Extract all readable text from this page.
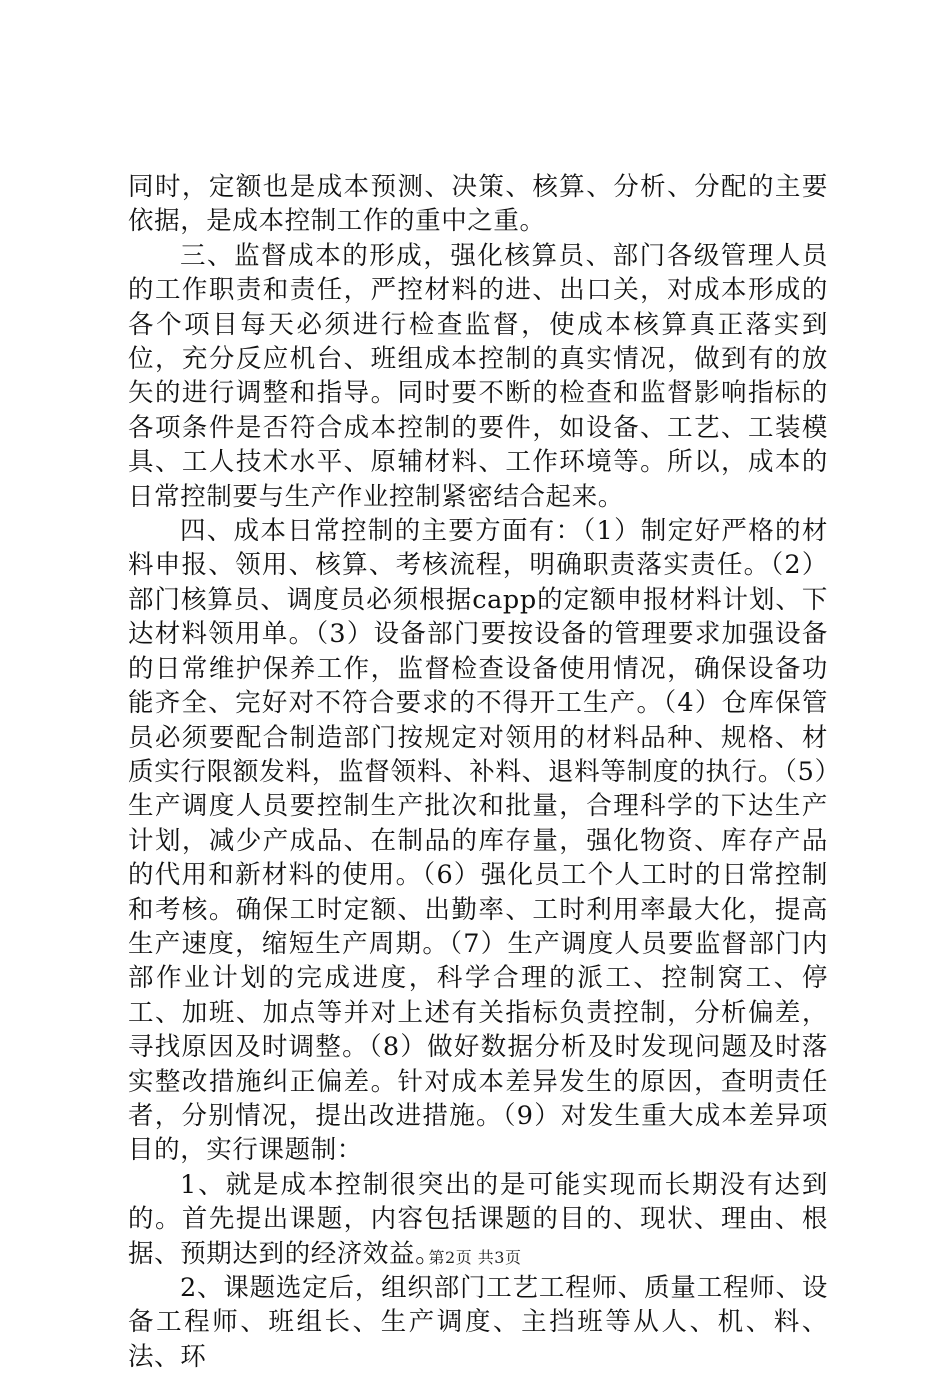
同时，定额也是成本预测、决策、核算、分析、分配的主要依据，是成本控制工作的重中之重。

三、监督成本的形成，强化核算员、部门各级管理人员的工作职责和责任，严控材料的进、出口关，对成本形成的各个项目每天必须进行检查监督，使成本核算真正落实到位，充分反应机台、班组成本控制的真实情况，做到有的放矢的进行调整和指导。同时要不断的检查和监督影响指标的各项条件是否符合成本控制的要件，如设备、工艺、工装模具、工人技术水平、原辅材料、工作环境等。所以，成本的日常控制要与生产作业控制紧密结合起来。

四、成本日常控制的主要方面有：（1）制定好严格的材料申报、领用、核算、考核流程，明确职责落实责任。（2）部门核算员、调度员必须根据capp的定额申报材料计划、下达材料领用单。（3）设备部门要按设备的管理要求加强设备的日常维护保养工作，监督检查设备使用情况，确保设备功能齐全、完好对不符合要求的不得开工生产。（4）仓库保管员必须要配合制造部门按规定对领用的材料品种、规格、材质实行限额发料，监督领料、补料、退料等制度的执行。（5）生产调度人员要控制生产批次和批量，合理科学的下达生产计划，减少产成品、在制品的库存量，强化物资、库存产品的代用和新材料的使用。（6）强化员工个人工时的日常控制和考核。确保工时定额、出勤率、工时利用率最大化，提高生产速度，缩短生产周期。（7）生产调度人员要监督部门内部作业计划的完成进度，科学合理的派工、控制窝工、停工、加班、加点等并对上述有关指标负责控制，分析偏差，寻找原因及时调整。（8）做好数据分析及时发现问题及时落实整改措施纠正偏差。针对成本差异发生的原因，查明责任者，分别情况，提出改进措施。（9）对发生重大成本差异项目的，实行课题制：

1、就是成本控制很突出的是可能实现而长期没有达到的。首先提出课题，内容包括课题的目的、现状、理由、根据、预期达到的经济效益。

2、课题选定后，组织部门工艺工程师、质量工程师、设备工程师、班组长、生产调度、主挡班等从人、机、料、法、环

第2页 共3页
